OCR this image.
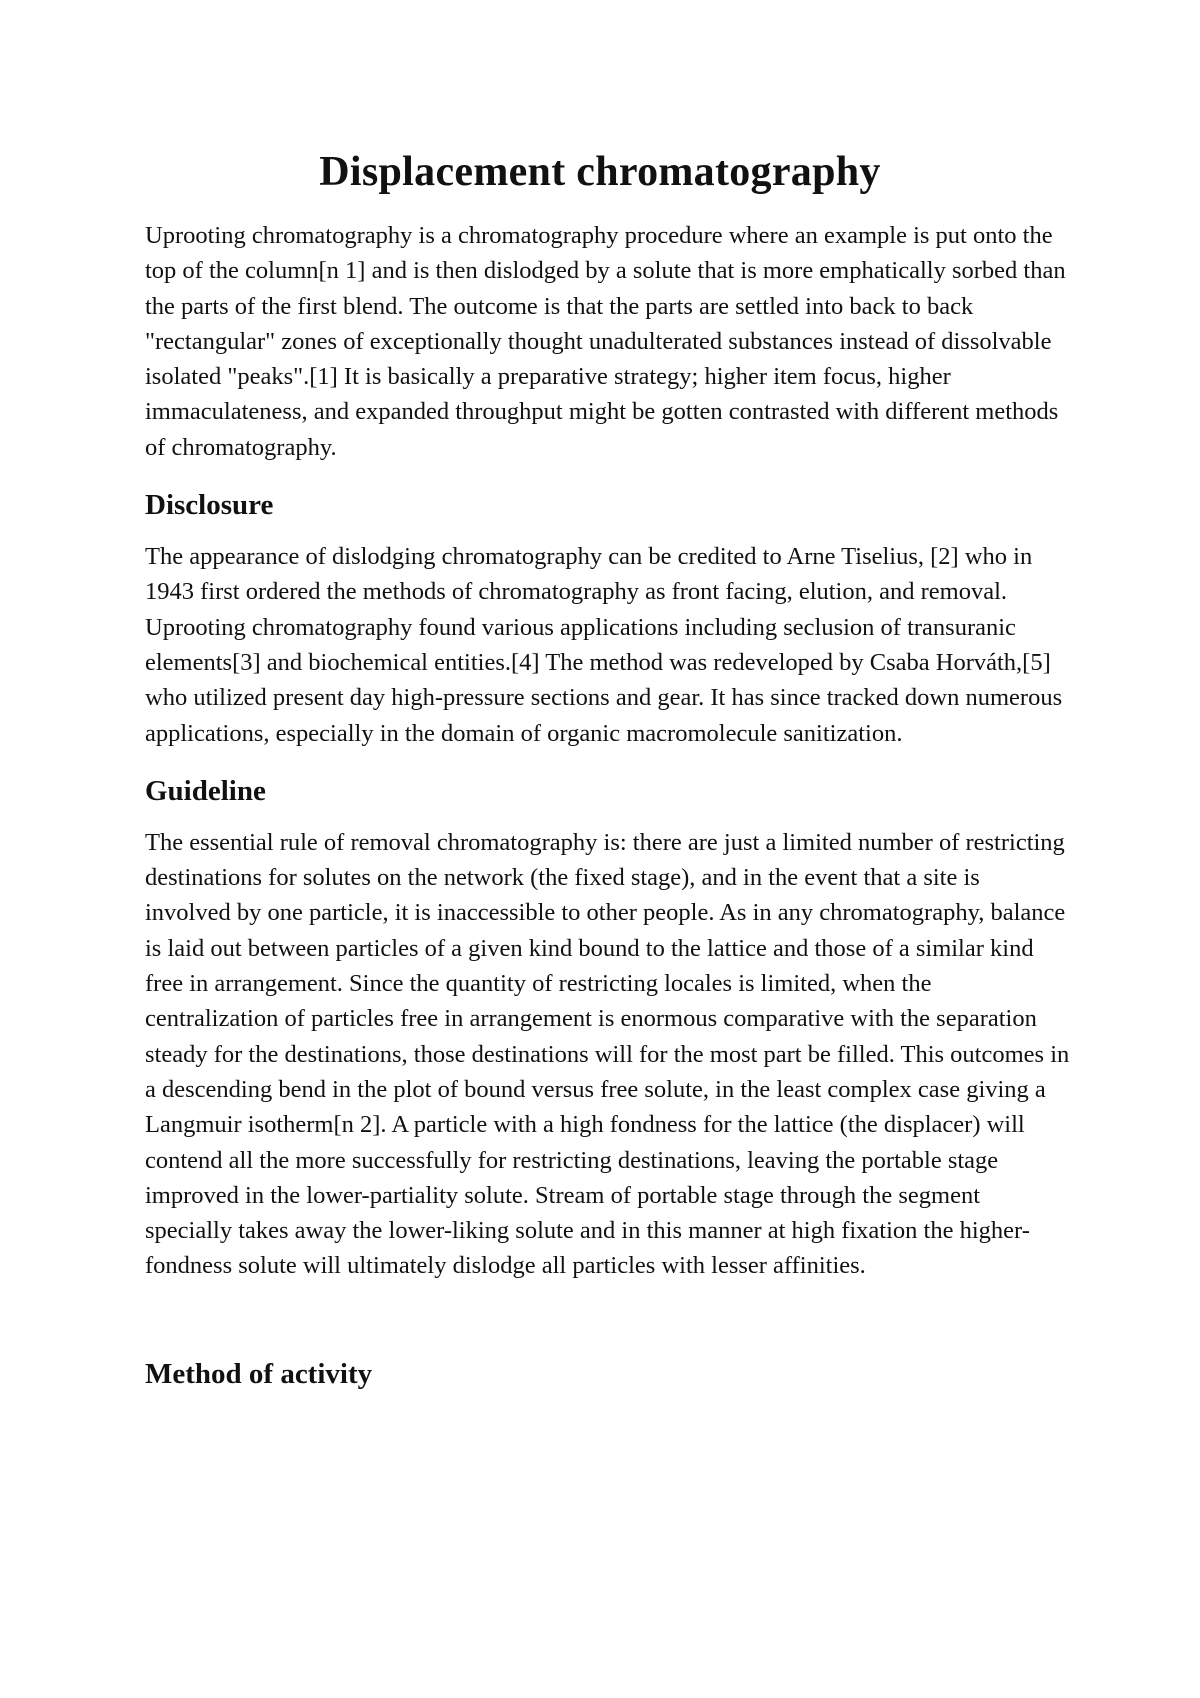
Displacement chromatography

Uprooting chromatography is a chromatography procedure where an example is put onto the top of the column[n 1] and is then dislodged by a solute that is more emphatically sorbed than the parts of the first blend. The outcome is that the parts are settled into back to back "rectangular" zones of exceptionally thought unadulterated substances instead of dissolvable isolated "peaks".[1] It is basically a preparative strategy; higher item focus, higher immaculateness, and expanded throughput might be gotten contrasted with different methods of chromatography.

Disclosure

The appearance of dislodging chromatography can be credited to Arne Tiselius, [2] who in 1943 first ordered the methods of chromatography as front facing, elution, and removal. Uprooting chromatography found various applications including seclusion of transuranic elements[3] and biochemical entities.[4] The method was redeveloped by Csaba Horváth,[5] who utilized present day high-pressure sections and gear. It has since tracked down numerous applications, especially in the domain of organic macromolecule sanitization.

Guideline

The essential rule of removal chromatography is: there are just a limited number of restricting destinations for solutes on the network (the fixed stage), and in the event that a site is involved by one particle, it is inaccessible to other people. As in any chromatography, balance is laid out between particles of a given kind bound to the lattice and those of a similar kind free in arrangement. Since the quantity of restricting locales is limited, when the centralization of particles free in arrangement is enormous comparative with the separation steady for the destinations, those destinations will for the most part be filled. This outcomes in a descending bend in the plot of bound versus free solute, in the least complex case giving a Langmuir isotherm[n 2]. A particle with a high fondness for the lattice (the displacer) will contend all the more successfully for restricting destinations, leaving the portable stage improved in the lower-partiality solute. Stream of portable stage through the segment specially takes away the lower-liking solute and in this manner at high fixation the higher-fondness solute will ultimately dislodge all particles with lesser affinities.

Method of activity
